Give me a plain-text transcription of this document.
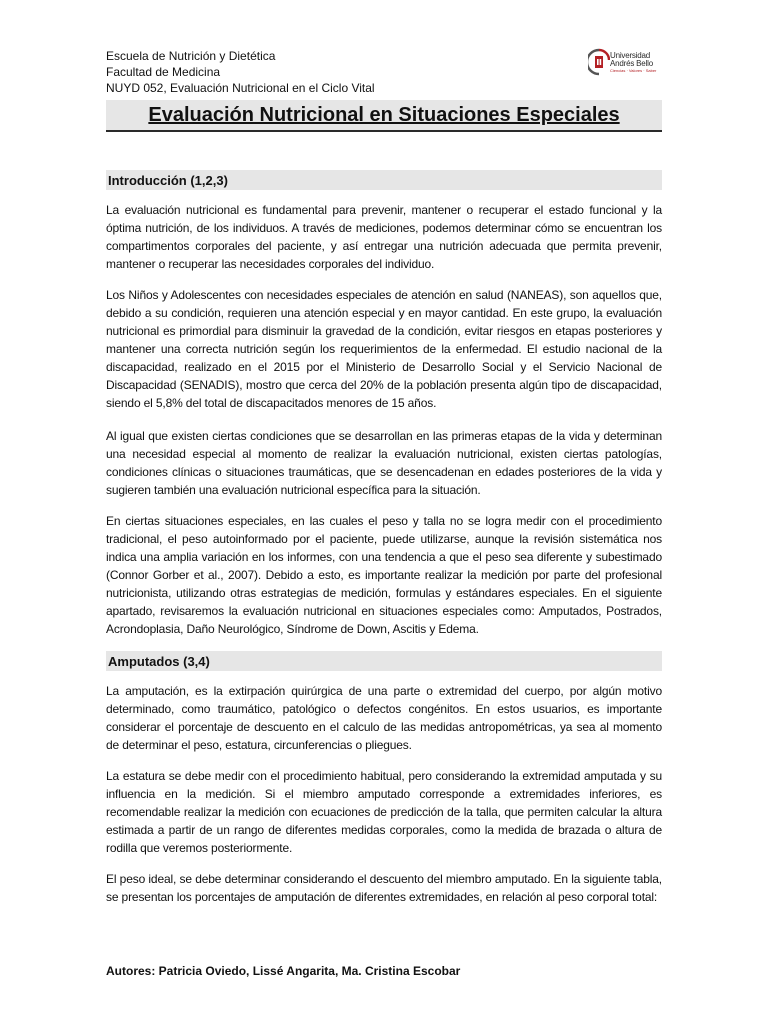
Escuela de Nutrición y Dietética
Facultad de Medicina
NUYD 052, Evaluación Nutricional en el Ciclo Vital
Universidad
Andrés Bello
Ciencias · Valores · Saber
Evaluación Nutricional en Situaciones Especiales
Introducción (1,2,3)

La evaluación nutricional es fundamental para prevenir, mantener o recuperar el estado funcional y la óptima nutrición, de los individuos. A través de mediciones, podemos determinar cómo se encuentran los compartimentos corporales del paciente, y así entregar una nutrición adecuada que permita prevenir, mantener o recuperar las necesidades corporales del individuo.

Los Niños y Adolescentes con necesidades especiales de atención en salud (NANEAS), son aquellos que, debido a su condición, requieren una atención especial y en mayor cantidad. En este grupo, la evaluación nutricional es primordial para disminuir la gravedad de la condición, evitar riesgos en etapas posteriores y mantener una correcta nutrición según los requerimientos de la enfermedad. El estudio nacional de la discapacidad, realizado en el 2015 por el Ministerio de Desarrollo Social y el Servicio Nacional de Discapacidad (SENADIS), mostro que cerca del 20% de la población presenta algún tipo de discapacidad, siendo el 5,8% del total de discapacitados menores de 15 años.

Al igual que existen ciertas condiciones que se desarrollan en las primeras etapas de la vida y determinan una necesidad especial al momento de realizar la evaluación nutricional, existen ciertas patologías, condiciones clínicas o situaciones traumáticas, que se desencadenan en edades posteriores de la vida y sugieren también una evaluación nutricional específica para la situación.

En ciertas situaciones especiales, en las cuales el peso y talla no se logra medir con el procedimiento tradicional, el peso autoinformado por el paciente, puede utilizarse, aunque la revisión sistemática nos indica una amplia variación en los informes, con una tendencia a que el peso sea diferente y subestimado (Connor Gorber et al., 2007). Debido a esto, es importante realizar la medición por parte del profesional nutricionista, utilizando otras estrategias de medición, formulas y estándares especiales. En el siguiente apartado, revisaremos la evaluación nutricional en situaciones especiales como: Amputados, Postrados, Acrondoplasia, Daño Neurológico, Síndrome de Down, Ascitis y Edema.

Amputados (3,4)

La amputación, es la extirpación quirúrgica de una parte o extremidad del cuerpo, por algún motivo determinado, como traumático, patológico o defectos congénitos. En estos usuarios, es importante considerar el porcentaje de descuento en el calculo de las medidas antropométricas, ya sea al momento de determinar el peso, estatura, circunferencias o pliegues.

La estatura se debe medir con el procedimiento habitual, pero considerando la extremidad amputada y su influencia en la medición. Si el miembro amputado corresponde a extremidades inferiores, es recomendable realizar la medición con ecuaciones de predicción de la talla, que permiten calcular la altura estimada a partir de un rango de diferentes medidas corporales, como la medida de brazada o altura de rodilla que veremos posteriormente.

El peso ideal, se debe determinar considerando el descuento del miembro amputado. En la siguiente tabla, se presentan los porcentajes de amputación de diferentes extremidades, en relación al peso corporal total:

Autores: Patricia Oviedo, Lissé Angarita, Ma. Cristina Escobar
